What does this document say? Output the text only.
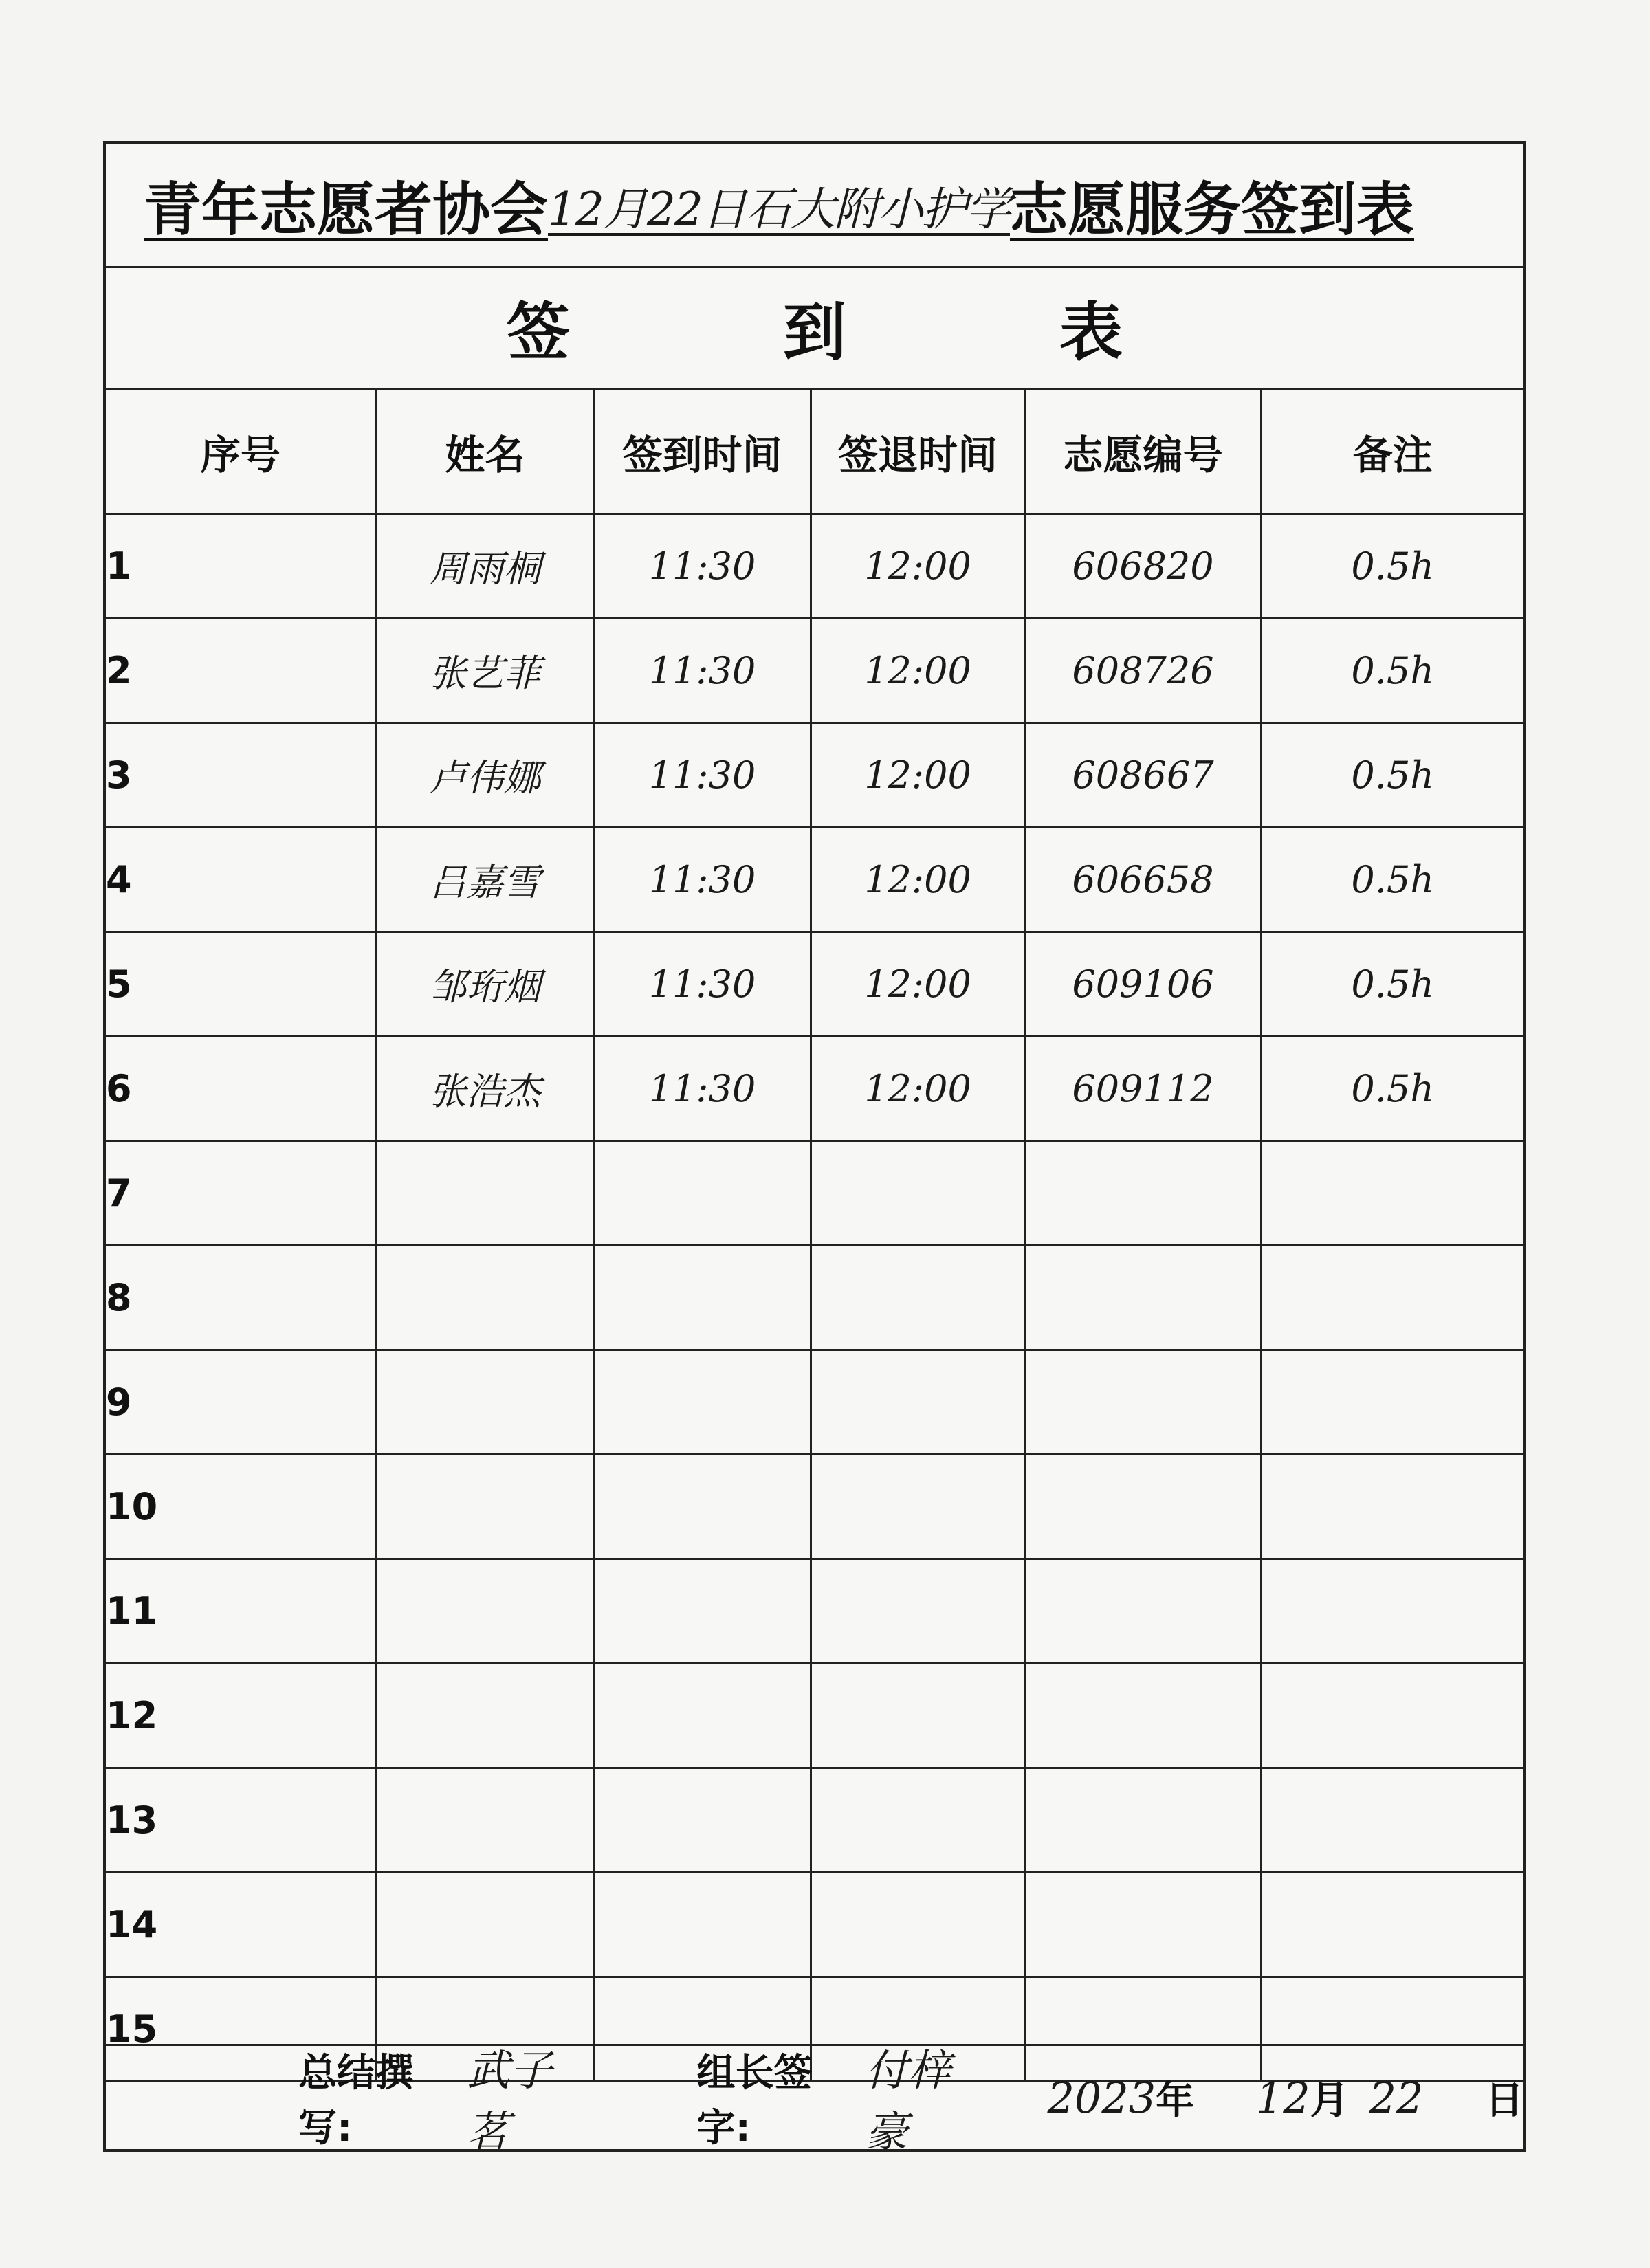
青年志愿者协会 12月22日石大附小护学 志愿服务签到表
签到表
序号	姓名	签到时间	签退时间	志愿编号	备注
1	周雨桐	11:30	12:00	606820	0.5h
2	张艺菲	11:30	12:00	608726	0.5h
3	卢伟娜	11:30	12:00	608667	0.5h
4	吕嘉雪	11:30	12:00	606658	0.5h
5	邹珩烟	11:30	12:00	609106	0.5h
6	张浩杰	11:30	12:00	609112	0.5h
7					
8					
9					
10					
11					
12					
13					
14					
15					
总结撰写:
武子茗
组长签字:
付梓豪
2023 年 12 月 22 日
